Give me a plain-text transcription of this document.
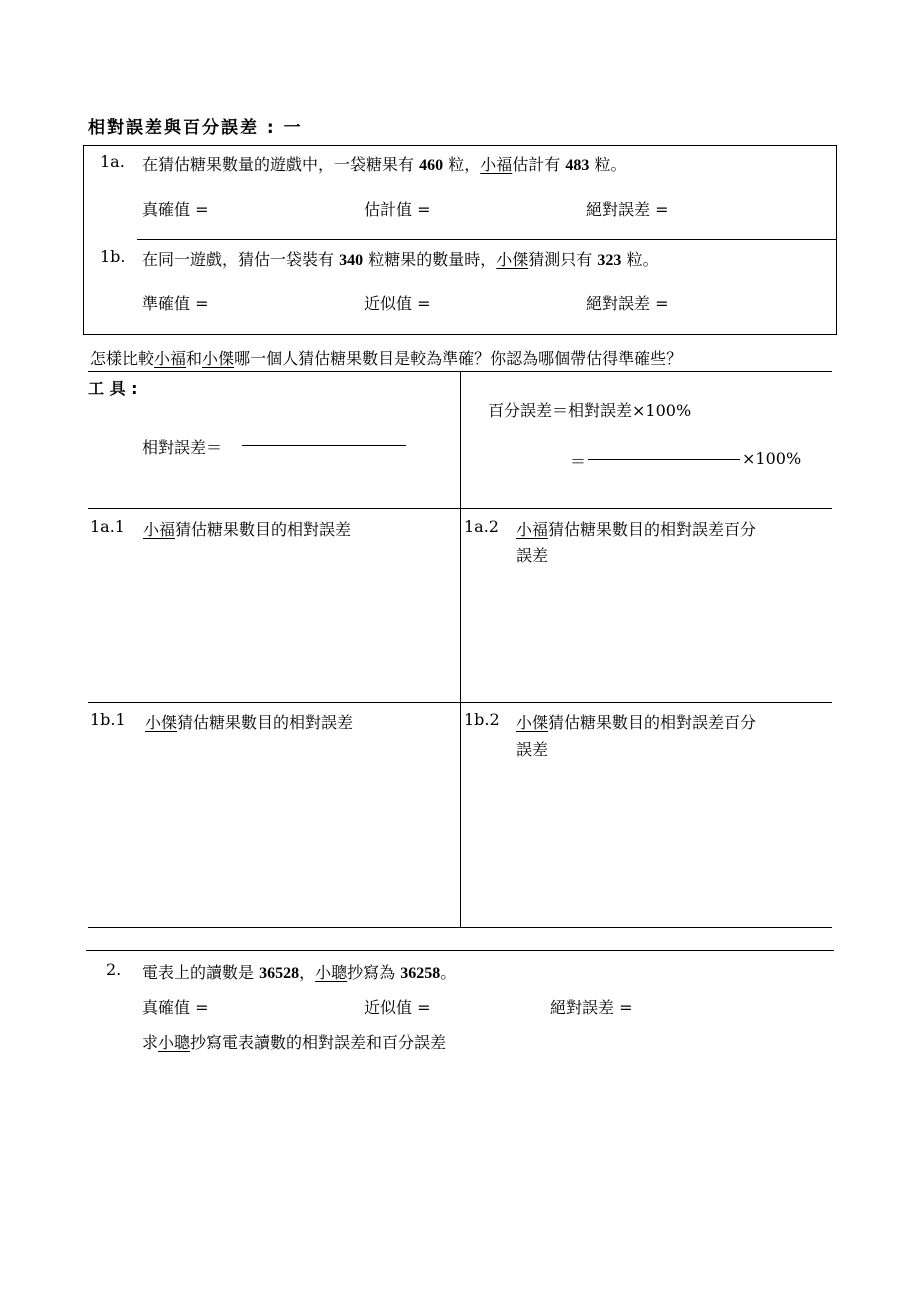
相對誤差與百分誤差 : 一
1a. 在猜估糖果數量的遊戲中，一袋糖果有 460 粒，小福估計有 483 粒。
真確值 =	估計值 =	絕對誤差 =
1b. 在同一遊戲，猜估一袋裝有 340 粒糖果的數量時，小傑猜測只有 323 粒。
準確值 =	近似值 =	絕對誤差 =
怎樣比較小福和小傑哪一個人猜估糖果數目是較為準確？你認為哪個帶估得準確些？
工 具 :
相對誤差＝
百分誤差＝相對誤差×100%
＝	×100%
1a.1 小福猜估糖果數目的相對誤差	1a.2 小福猜估糖果數目的相對誤差百分
誤差
1b.1 小傑猜估糖果數目的相對誤差	1b.2 小傑猜估糖果數目的相對誤差百分
誤差
2. 電表上的讀數是 36528，小聰抄寫為 36258。
真確值 =	近似值 =	絕對誤差 =
求小聰抄寫電表讀數的相對誤差和百分誤差
